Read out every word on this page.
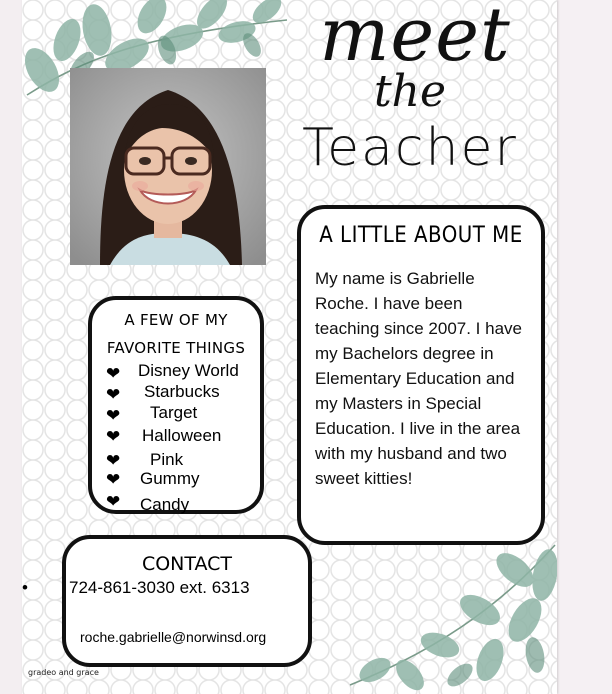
meet
the
Teacher
A LITTLE ABOUT ME

My name is Gabrielle Roche. I have been teaching since 2007. I have my Bachelors degree in Elementary Education and my Masters in Special Education. I live in the area with my husband and two sweet kitties!

A FEW OF MY
FAVORITE THINGS
❤ Disney World
❤ Starbucks
❤ Target
❤ Halloween
❤ Pink
❤ Gummy
❤ Candy
CONTACT
• 724-861-3030 ext. 6313
roche.gabrielle@norwinsd.org
gradeo and grace
